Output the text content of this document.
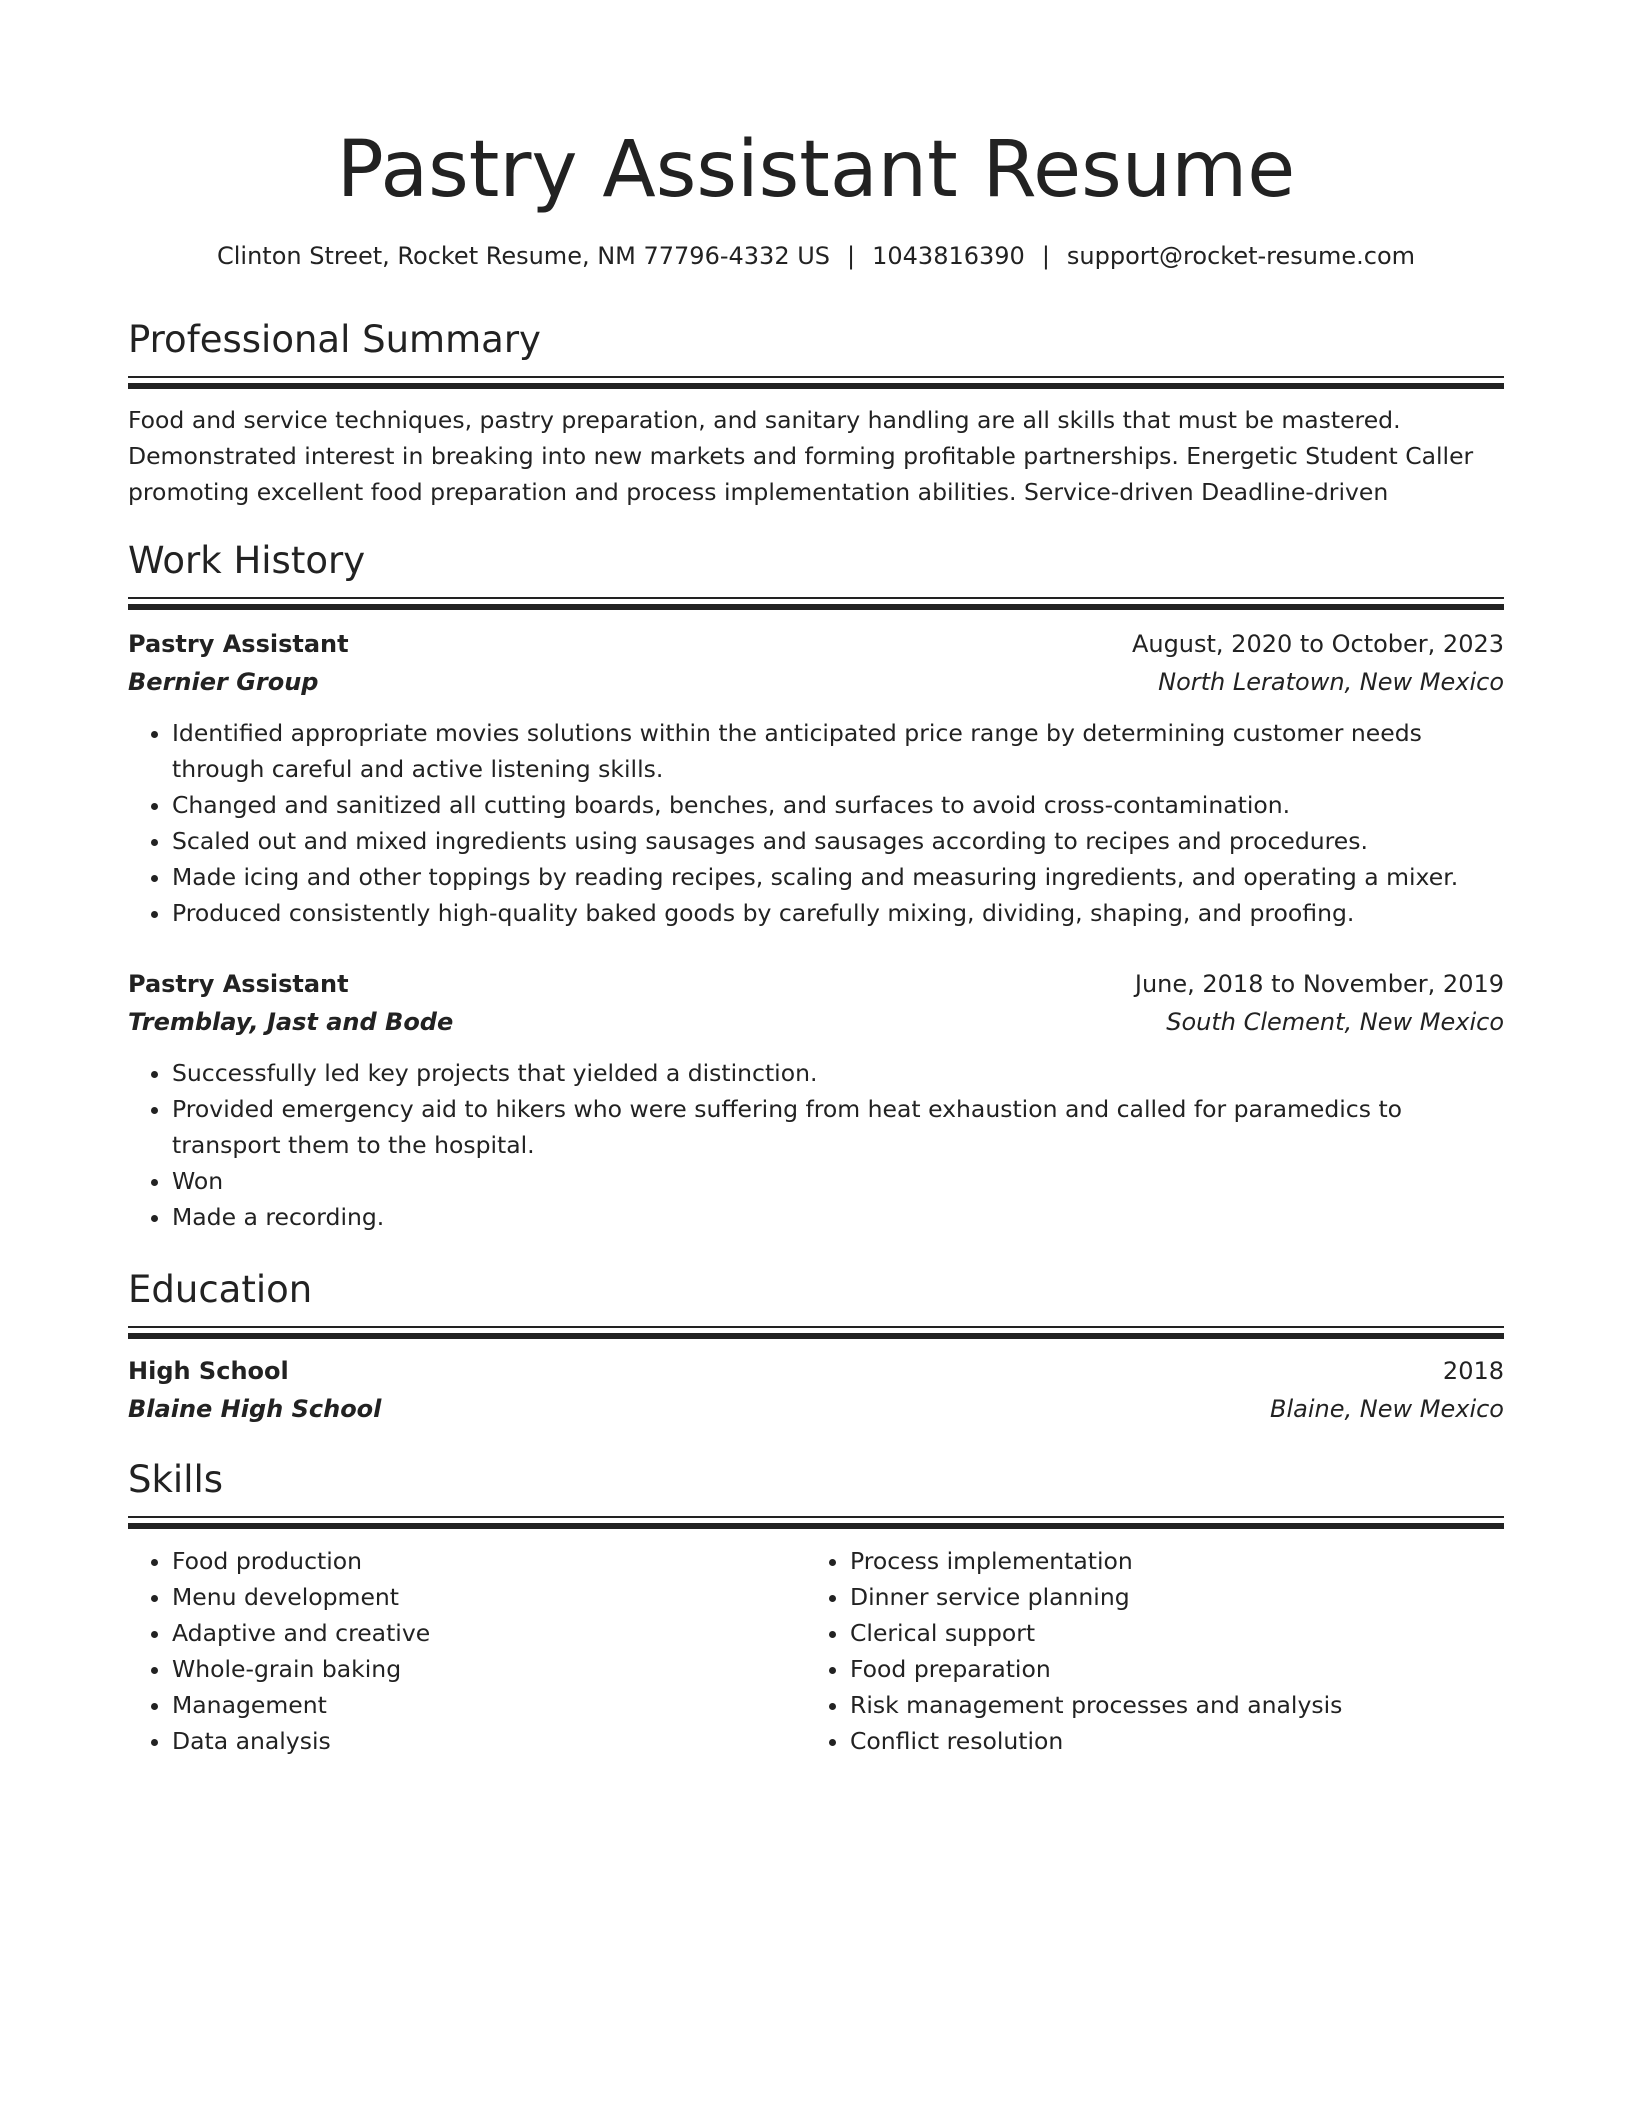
Pastry Assistant Resume
Clinton Street, Rocket Resume, NM 77796-4332 US | 1043816390 | support@rocket-resume.com
Professional Summary

Food and service techniques, pastry preparation, and sanitary handling are all skills that must be mastered. Demonstrated interest in breaking into new markets and forming profitable partnerships. Energetic Student Caller promoting excellent food preparation and process implementation abilities. Service-driven Deadline-driven

Work History
Pastry Assistant	August, 2020 to October, 2023
Bernier Group	North Leratown, New Mexico
• Identified appropriate movies solutions within the anticipated price range by determining customer needs through careful and active listening skills.
• Changed and sanitized all cutting boards, benches, and surfaces to avoid cross-contamination.
• Scaled out and mixed ingredients using sausages and sausages according to recipes and procedures.
• Made icing and other toppings by reading recipes, scaling and measuring ingredients, and operating a mixer.
• Produced consistently high-quality baked goods by carefully mixing, dividing, shaping, and proofing.
Pastry Assistant	June, 2018 to November, 2019
Tremblay, Jast and Bode	South Clement, New Mexico
• Successfully led key projects that yielded a distinction.
• Provided emergency aid to hikers who were suffering from heat exhaustion and called for paramedics to transport them to the hospital.
• Won
• Made a recording.
Education
High School	2018
Blaine High School	Blaine, New Mexico
Skills
• Food production
• Menu development
• Adaptive and creative
• Whole-grain baking
• Management
• Data analysis
• Process implementation
• Dinner service planning
• Clerical support
• Food preparation
• Risk management processes and analysis
• Conflict resolution
